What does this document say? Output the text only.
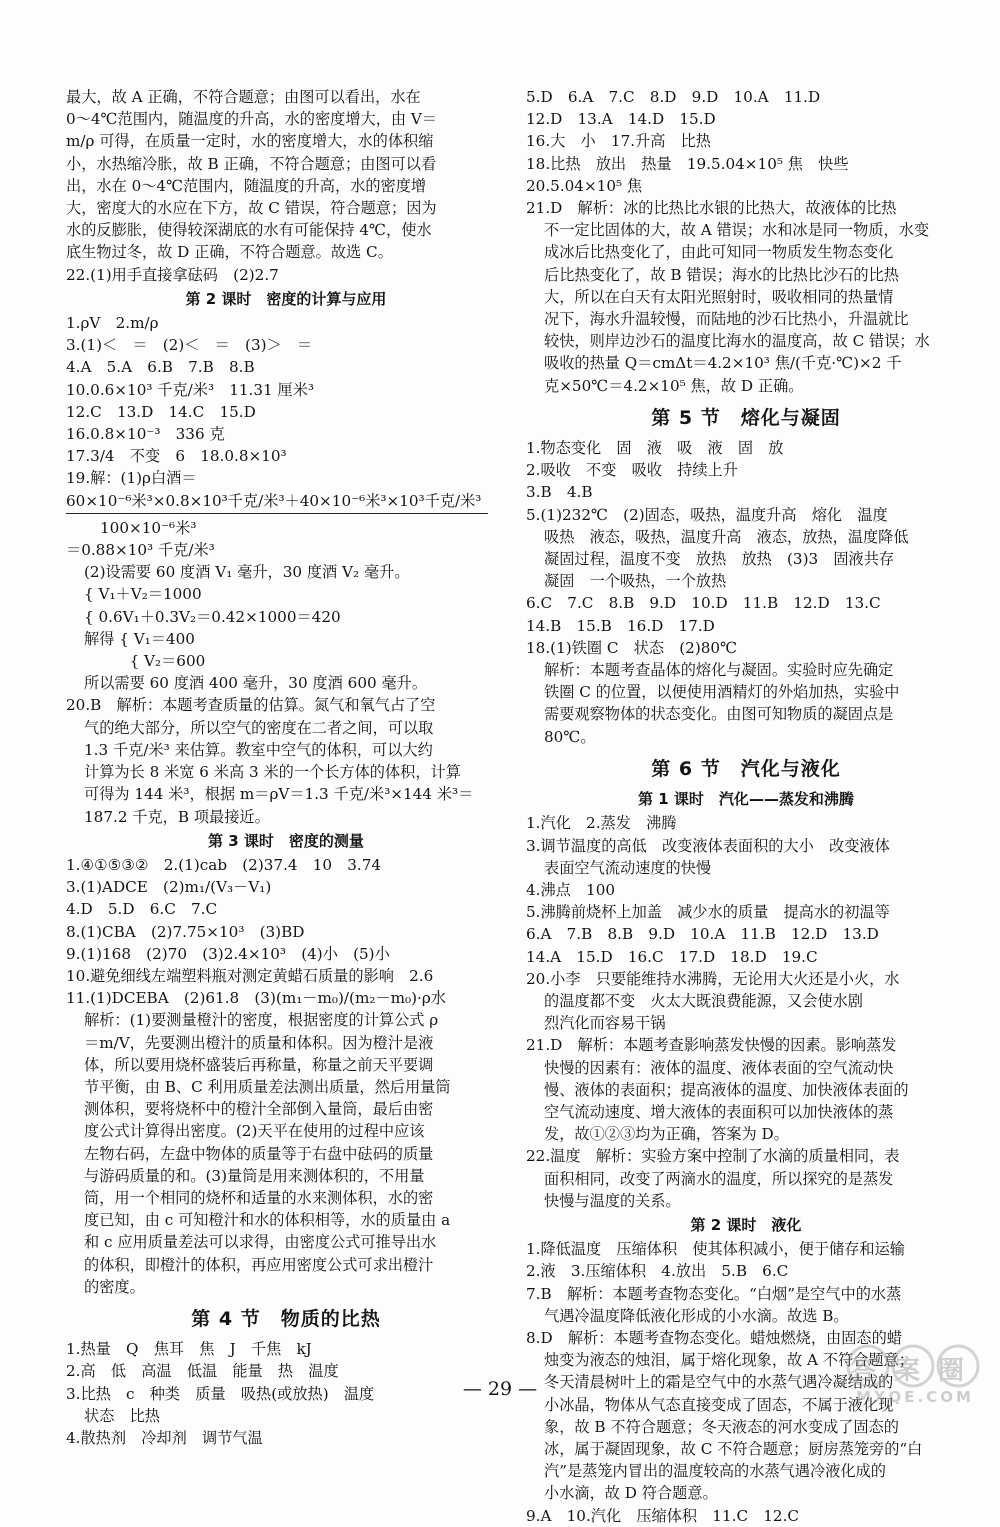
最大，故 A 正确，不符合题意；由图可以看出，水在
0～4℃范围内，随温度的升高，水的密度增大，由 V＝
m/ρ 可得，在质量一定时，水的密度增大，水的体积缩
小，水热缩冷胀，故 B 正确，不符合题意；由图可以看
出，水在 0～4℃范围内，随温度的升高，水的密度增
大，密度大的水应在下方，故 C 错误，符合题意；因为
水的反膨胀，使得较深湖底的水有可能保持 4℃，使水
底生物过冬，故 D 正确，不符合题意。故选 C。
22.(1)用手直接拿砝码　(2)2.7
第 2 课时　密度的计算与应用
1.ρV　2.m/ρ
3.(1)＜　＝　(2)＜　＝　(3)＞　＝
4.A　5.A　6.B　7.B　8.B
10.0.6×10³ 千克/米³　11.31 厘米³
12.C　13.D　14.C　15.D
16.0.8×10⁻³　336 克
17.3/4　不变　6　18.0.8×10³
19.解：(1)ρ白酒＝
60×10⁻⁶米³×0.8×10³千克/米³＋40×10⁻⁶米³×10³千克/米³
100×10⁻⁶米³
＝0.88×10³ 千克/米³
(2)设需要 60 度酒 V₁ 毫升，30 度酒 V₂ 毫升。
{ V₁＋V₂＝1000
{ 0.6V₁＋0.3V₂＝0.42×1000＝420
解得 { V₁＝400
　　　{ V₂＝600
所以需要 60 度酒 400 毫升，30 度酒 600 毫升。
20.B　解析：本题考查质量的估算。氮气和氧气占了空
气的绝大部分，所以空气的密度在二者之间，可以取
1.3 千克/米³ 来估算。教室中空气的体积，可以大约
计算为长 8 米宽 6 米高 3 米的一个长方体的体积，计算
可得为 144 米³，根据 m＝ρV＝1.3 千克/米³×144 米³＝
187.2 千克，B 项最接近。
第 3 课时　密度的测量
1.④①⑤③②　2.(1)cab　(2)37.4　10　3.74
3.(1)ADCE　(2)m₁/(V₃－V₁)
4.D　5.D　6.C　7.C
8.(1)CBA　(2)7.75×10³　(3)BD
9.(1)168　(2)70　(3)2.4×10³　(4)小　(5)小
10.避免细线左端塑料瓶对测定黄蜡石质量的影响　2.6
11.(1)DCEBA　(2)61.8　(3)(m₁－m₀)/(m₂－m₀)·ρ水
解析：(1)要测量橙汁的密度，根据密度的计算公式 ρ
＝m/V，先要测出橙汁的质量和体积。因为橙汁是液
体，所以要用烧杯盛装后再称量，称量之前天平要调
节平衡，由 B、C 利用质量差法测出质量，然后用量筒
测体积，要将烧杯中的橙汁全部倒入量筒，最后由密
度公式计算得出密度。(2)天平在使用的过程中应该
左物右码，左盘中物体的质量等于右盘中砝码的质量
与游码质量的和。(3)量筒是用来测体积的，不用量
筒，用一个相同的烧杯和适量的水来测体积，水的密
度已知，由 c 可知橙汁和水的体积相等，水的质量由 a
和 c 应用质量差法可以求得，由密度公式可推导出水
的体积，即橙汁的体积，再应用密度公式可求出橙汁
的密度。
第 4 节　物质的比热
1.热量　Q　焦耳　焦　J　千焦　kJ
2.高　低　高温　低温　能量　热　温度
3.比热　c　种类　质量　吸热(或放热)　温度
状态　比热
4.散热剂　冷却剂　调节气温
5.D　6.A　7.C　8.D　9.D　10.A　11.D
12.D　13.A　14.D　15.D
16.大　小　17.升高　比热
18.比热　放出　热量　19.5.04×10⁵ 焦　快些
20.5.04×10⁵ 焦
21.D　解析：冰的比热比水银的比热大，故液体的比热
不一定比固体的大，故 A 错误；水和冰是同一物质，水变
成冰后比热变化了，由此可知同一物质发生物态变化
后比热变化了，故 B 错误；海水的比热比沙石的比热
大，所以在白天有太阳光照射时，吸收相同的热量情
况下，海水升温较慢，而陆地的沙石比热小，升温就比
较快，则岸边沙石的温度比海水的温度高，故 C 错误；水
吸收的热量 Q＝cmΔt＝4.2×10³ 焦/(千克·℃)×2 千
克×50℃＝4.2×10⁵ 焦，故 D 正确。
第 5 节　熔化与凝固
1.物态变化　固　液　吸　液　固　放
2.吸收　不变　吸收　持续上升
3.B　4.B
5.(1)232℃　(2)固态，吸热，温度升高　熔化　温度
吸热　液态，吸热，温度升高　液态，放热，温度降低
凝固过程，温度不变　放热　放热　(3)3　固液共存
凝固　一个吸热，一个放热
6.C　7.C　8.B　9.D　10.D　11.B　12.D　13.C
14.B　15.B　16.D　17.D
18.(1)铁圈 C　状态　(2)80℃
解析：本题考查晶体的熔化与凝固。实验时应先确定
铁圈 C 的位置，以便使用酒精灯的外焰加热，实验中
需要观察物体的状态变化。由图可知物质的凝固点是
80℃。
第 6 节　汽化与液化
第 1 课时　汽化——蒸发和沸腾
1.汽化　2.蒸发　沸腾
3.调节温度的高低　改变液体表面积的大小　改变液体
表面空气流动速度的快慢
4.沸点　100
5.沸腾前烧杯上加盖　减少水的质量　提高水的初温等
6.A　7.B　8.B　9.D　10.A　11.B　12.D　13.D
14.A　15.D　16.C　17.D　18.D　19.C
20.小李　只要能维持水沸腾，无论用大火还是小火，水
的温度都不变　火太大既浪费能源，又会使水剧
烈汽化而容易干锅
21.D　解析：本题考查影响蒸发快慢的因素。影响蒸发
快慢的因素有：液体的温度、液体表面的空气流动快
慢、液体的表面积；提高液体的温度、加快液体表面的
空气流动速度、增大液体的表面积可以加快液体的蒸
发，故①②③均为正确，答案为 D。
22.温度　解析：实验方案中控制了水滴的质量相同，表
面积相同，改变了两滴水的温度，所以探究的是蒸发
快慢与温度的关系。
第 2 课时　液化
1.降低温度　压缩体积　使其体积减小，便于储存和运输
2.液　3.压缩体积　4.放出　5.B　6.C
7.B　解析：本题考查物态变化。“白烟”是空气中的水蒸
气遇冷温度降低液化形成的小水滴。故选 B。
8.D　解析：本题考查物态变化。蜡烛燃烧，由固态的蜡
烛变为液态的烛泪，属于熔化现象，故 A 不符合题意；
冬天清晨树叶上的霜是空气中的水蒸气遇冷凝结成的
小冰晶，物体从气态直接变成了固态，不属于液化现
象，故 B 不符合题意；冬天液态的河水变成了固态的
冰，属于凝固现象，故 C 不符合题意；厨房蒸笼旁的“白
汽”是蒸笼内冒出的温度较高的水蒸气遇冷液化成的
小水滴，故 D 符合题意。
9.A　10.汽化　压缩体积　11.C　12.C
— 29 —
答案圈
MXQE.COM
